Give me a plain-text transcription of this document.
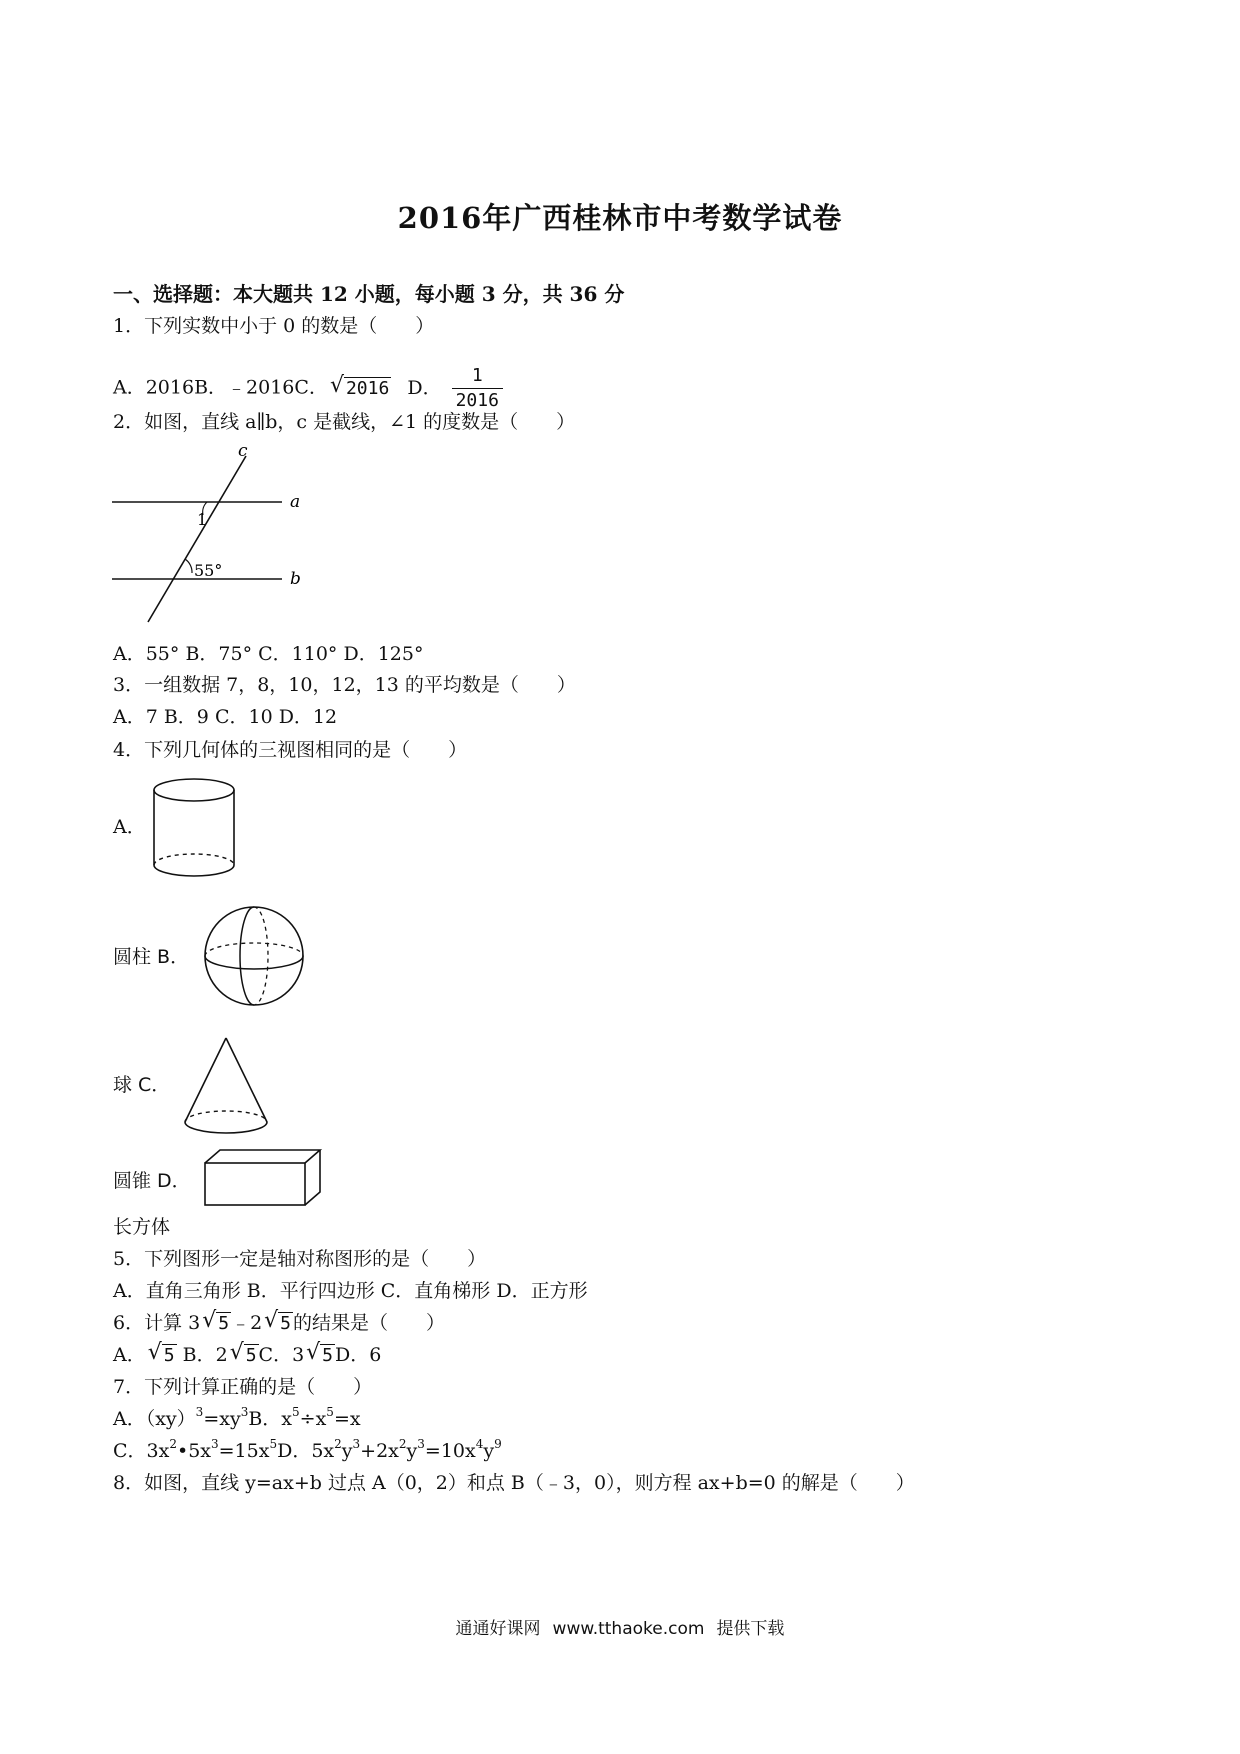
2016年广西桂林市中考数学试卷
一、选择题：本大题共 12 小题，每小题 3 分，共 36 分
1．下列实数中小于 0 的数是（　　）
A．2016B．﹣2016C． √ 2016 D． $\frac{1}{2016}$
2．如图，直线 a∥b，c 是截线，∠1 的度数是（　　）
c
a
b
1
55°
A．55° B．75° C．110° D．125°
3．一组数据 7，8，10，12，13 的平均数是（　　）
A．7 B．9 C．10 D．12
4．下列几何体的三视图相同的是（　　）
A．
圆柱 B．
球 C．
圆锥 D．
长方体
5．下列图形一定是轴对称图形的是（　　）
A．直角三角形 B．平行四边形 C．直角梯形 D．正方形
6．计算 3 √ 5 ﹣2 √ 5 的结果是（　　）
A． √ 5 B．2 √ 5 C．3 √ 5 D．6
7．下列计算正确的是（　　）
A．$(xy)^3=xy^3B$．$x^5\div x^5=x$
C．$3x^2•5x^3=15x^5D$．$5x^2y^3+2x^2y^3=10x^4y^9$
8．如图，直线 y=ax+b 过点 A（0，2）和点 B（﹣3，0），则方程 ax+b=0 的解是（　　）
通通好课网 www.tthaoke.com 提供下载
